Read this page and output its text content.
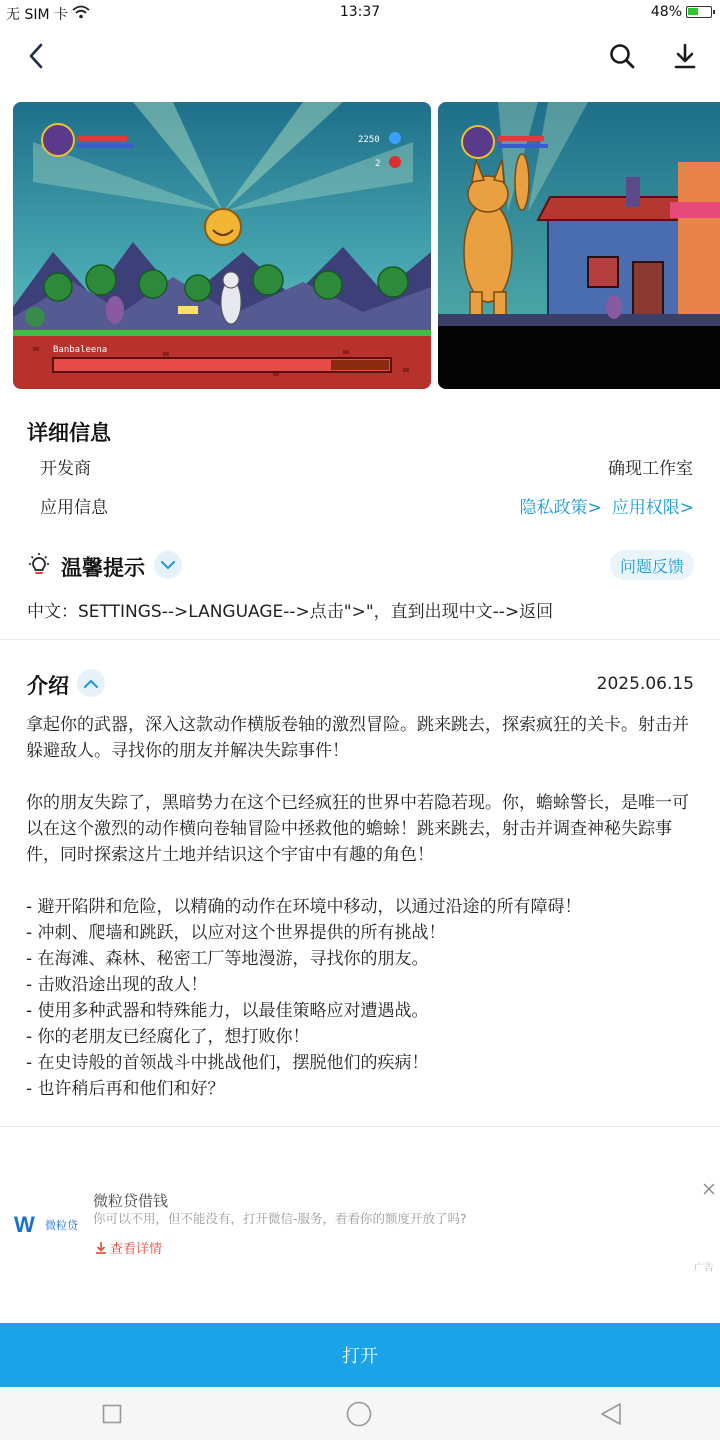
无 SIM 卡	13:37	48%
Banbaleena
2250
2
详细信息
开发商	确现工作室
应用信息	隐私政策> 应用权限>
温馨提示	问题反馈
中文：SETTINGS-->LANGUAGE-->点击">"，直到出现中文-->返回
介绍	2025.06.15

拿起你的武器，深入这款动作横版卷轴的激烈冒险。跳来跳去，探索疯狂的关卡。射击并躲避敌人。寻找你的朋友并解决失踪事件！

你的朋友失踪了，黑暗势力在这个已经疯狂的世界中若隐若现。你，蟾蜍警长，是唯一可以在这个激烈的动作横向卷轴冒险中拯救他的蟾蜍！跳来跳去，射击并调查神秘失踪事件，同时探索这片土地并结识这个宇宙中有趣的角色！

- 避开陷阱和危险，以精确的动作在环境中移动，以通过沿途的所有障碍！

- 冲刺、爬墙和跳跃，以应对这个世界提供的所有挑战！

- 在海滩、森林、秘密工厂等地漫游，寻找你的朋友。

- 击败沿途出现的敌人！

- 使用多种武器和特殊能力，以最佳策略应对遭遇战。

- 你的老朋友已经腐化了，想打败你！

- 在史诗般的首领战斗中挑战他们，摆脱他们的疾病！

- 也许稍后再和他们和好？

W 微粒贷
微粒贷借钱
你可以不用，但不能没有，打开微信-服务，看看你的额度开放了吗?
查看详情
广告
打开
